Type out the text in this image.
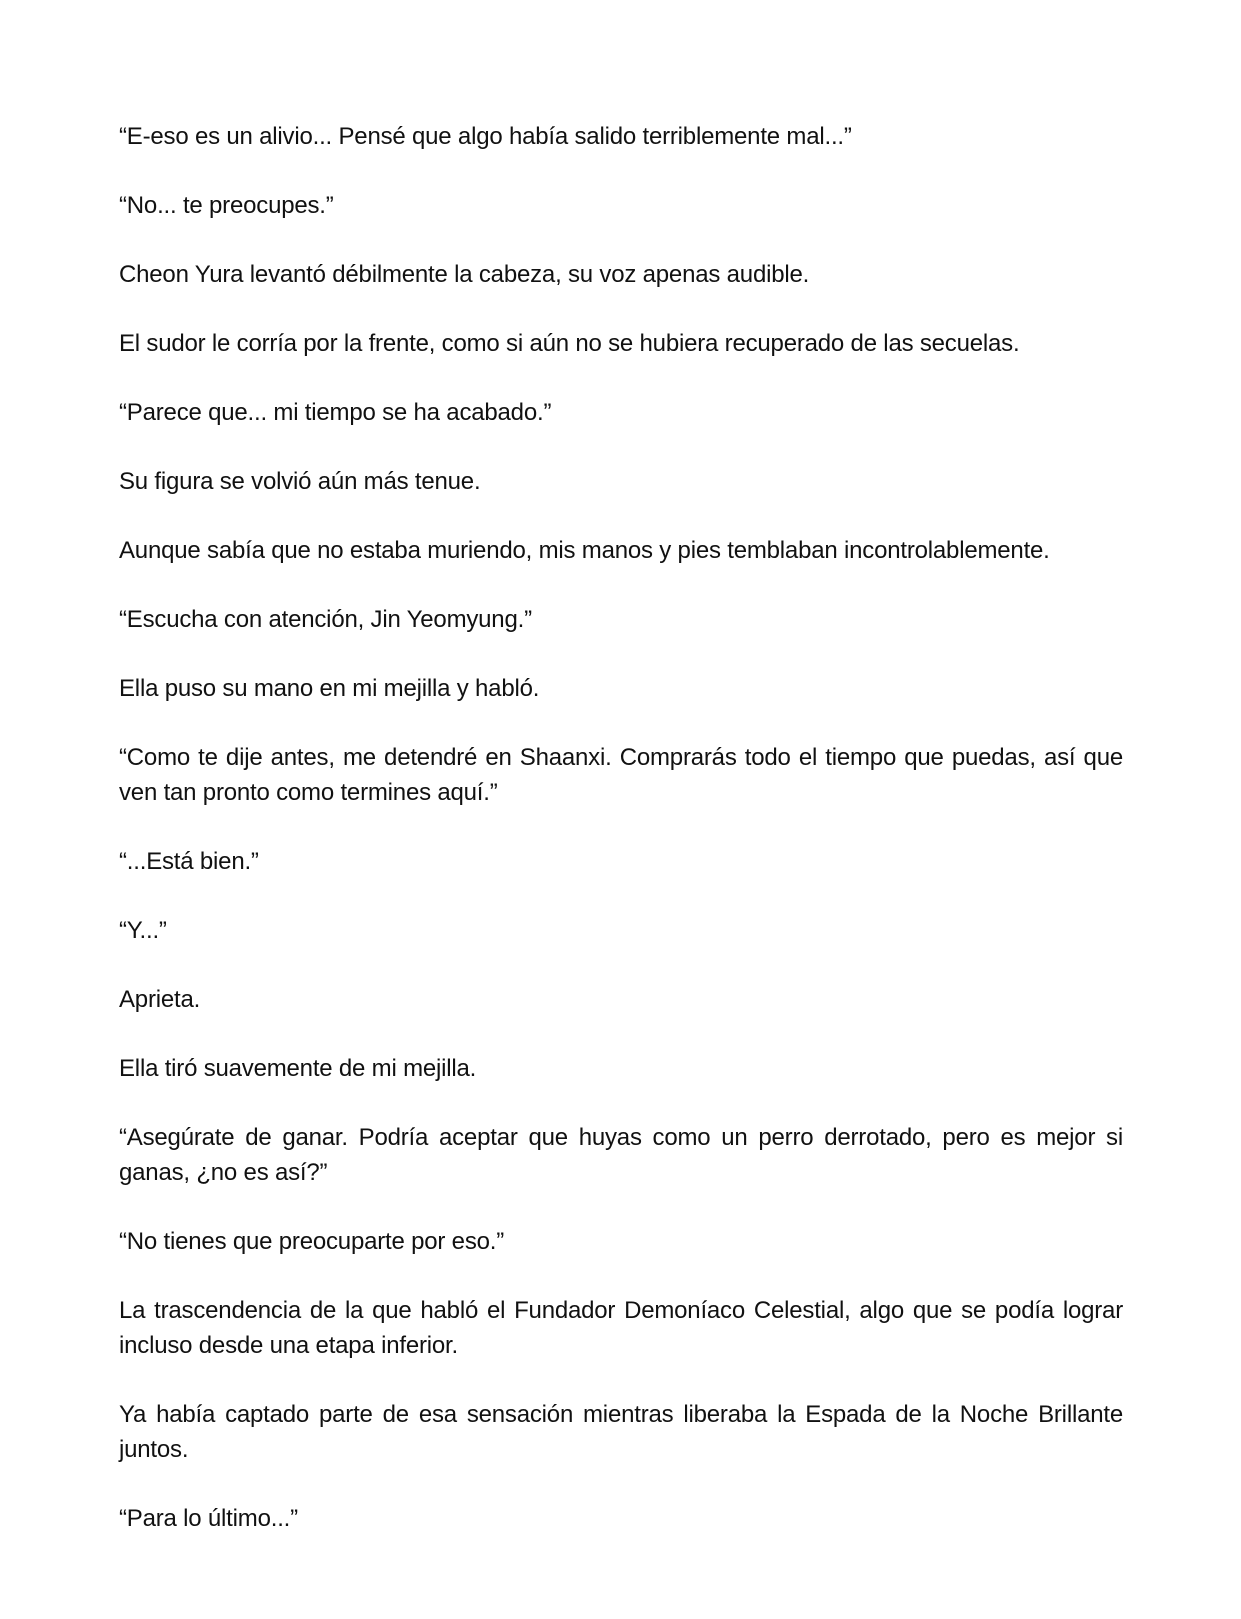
“E-eso es un alivio... Pensé que algo había salido terriblemente mal...”

“No... te preocupes.”

Cheon Yura levantó débilmente la cabeza, su voz apenas audible.

El sudor le corría por la frente, como si aún no se hubiera recuperado de las secuelas.

“Parece que... mi tiempo se ha acabado.”

Su figura se volvió aún más tenue.

Aunque sabía que no estaba muriendo, mis manos y pies temblaban incontrolablemente.

“Escucha con atención, Jin Yeomyung.”

Ella puso su mano en mi mejilla y habló.

“Como te dije antes, me detendré en Shaanxi. Comprarás todo el tiempo que puedas, así que ven tan pronto como termines aquí.”

“...Está bien.”

“Y...”

Aprieta.

Ella tiró suavemente de mi mejilla.

“Asegúrate de ganar. Podría aceptar que huyas como un perro derrotado, pero es mejor si ganas, ¿no es así?”

“No tienes que preocuparte por eso.”

La trascendencia de la que habló el Fundador Demoníaco Celestial, algo que se podía lograr incluso desde una etapa inferior.

Ya había captado parte de esa sensación mientras liberaba la Espada de la Noche Brillante juntos.

“Para lo último...”
